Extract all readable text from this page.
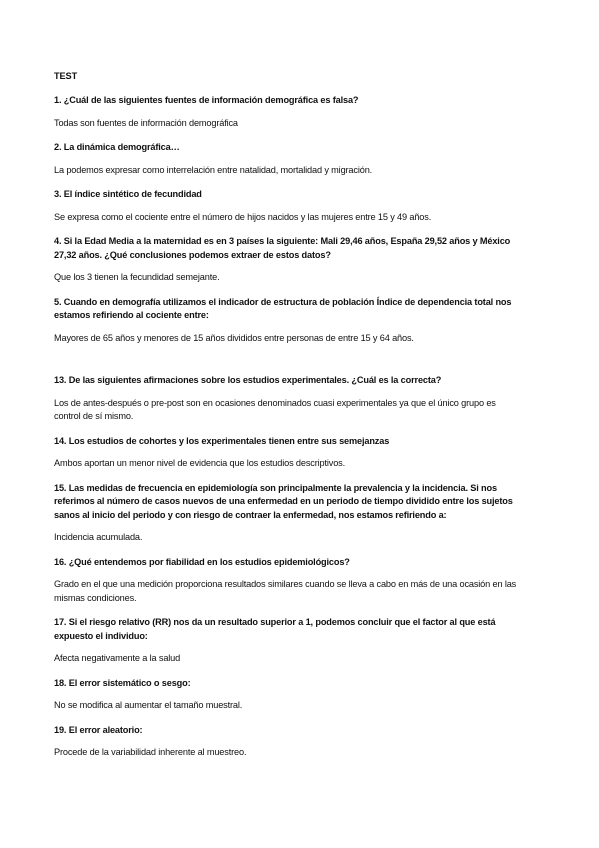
TEST
1. ¿Cuál de las siguientes fuentes de información demográfica es falsa?
Todas son fuentes de información demográfica
2. La dinámica demográfica…
La podemos expresar como interrelación entre natalidad, mortalidad y migración.
3. El índice sintético de fecundidad
Se expresa como el cociente entre el número de hijos nacidos y las mujeres entre 15 y 49 años.
4. Si la Edad Media a la maternidad es en 3 países la siguiente: Mali 29,46 años, España 29,52 años y México 27,32 años. ¿Qué conclusiones podemos extraer de estos datos?
Que los 3 tienen la fecundidad semejante.
5. Cuando en demografía utilizamos el indicador de estructura de población Índice de dependencia total nos estamos refiriendo al cociente entre:
Mayores de 65 años y menores de 15 años divididos entre personas de entre 15 y 64 años.
13. De las siguientes afirmaciones sobre los estudios experimentales. ¿Cuál es la correcta?
Los de antes-después o pre-post son en ocasiones denominados cuasi experimentales ya que el único grupo es control de sí mismo.
14. Los estudios de cohortes y los experimentales tienen entre sus semejanzas
Ambos aportan un menor nivel de evidencia que los estudios descriptivos.
15. Las medidas de frecuencia en epidemiología son principalmente la prevalencia y la incidencia. Si nos referimos al número de casos nuevos de una enfermedad en un periodo de tiempo dividido entre los sujetos sanos al inicio del periodo y con riesgo de contraer la enfermedad, nos estamos refiriendo a:
Incidencia acumulada.
16. ¿Qué entendemos por fiabilidad en los estudios epidemiológicos?
Grado en el que una medición proporciona resultados similares cuando se lleva a cabo en más de una ocasión en las mismas condiciones.
17. Si el riesgo relativo (RR) nos da un resultado superior a 1, podemos concluir que el factor al que está expuesto el individuo:
Afecta negativamente a la salud
18. El error sistemático o sesgo:
No se modifica al aumentar el tamaño muestral.
19. El error aleatorio:
Procede de la variabilidad inherente al muestreo.
